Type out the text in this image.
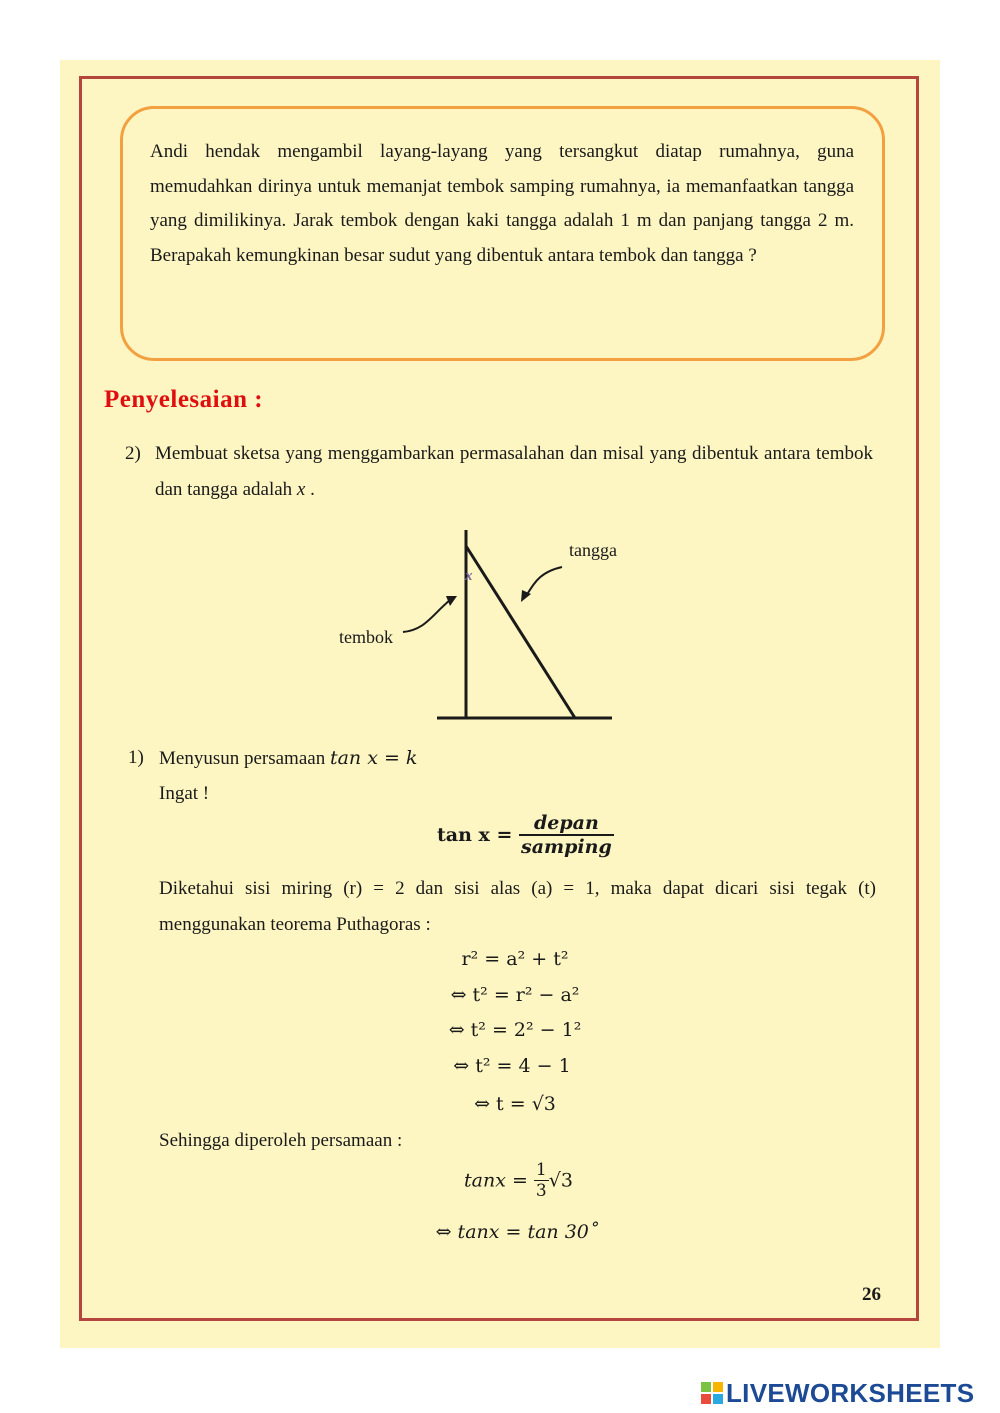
Andi hendak mengambil layang-layang yang tersangkut diatap rumahnya, guna memudahkan dirinya untuk memanjat tembok samping rumahnya, ia memanfaatkan tangga yang dimilikinya. Jarak tembok dengan kaki tangga adalah 1 m dan panjang tangga 2 m. Berapakah kemungkinan besar sudut yang dibentuk antara tembok dan tangga ?

Penyelesaian :
2) Membuat sketsa yang menggambarkan permasalahan dan misal yang dibentuk antara tembok dan tangga adalah x .

x
tangga
tembok
1) Menyusun persamaan tan x = k

Ingat !

$\tan x = \frac{\text{depan}}{\text{samping}}$

Diketahui sisi miring (r) = 2 dan sisi alas (a) = 1, maka dapat dicari sisi tegak (t) menggunakan teorema Puthagoras :

r² = a² + t²
⇔ t² = r² − a²
⇔ t² = 2² − 1²
⇔ t² = 4 − 1
⇔ t = √3

Sehingga diperoleh persamaan :

$\tan x = \frac{1}{3} √3$
⇔ tanx = tan 30˚
26
LIVEWORKSHEETS
